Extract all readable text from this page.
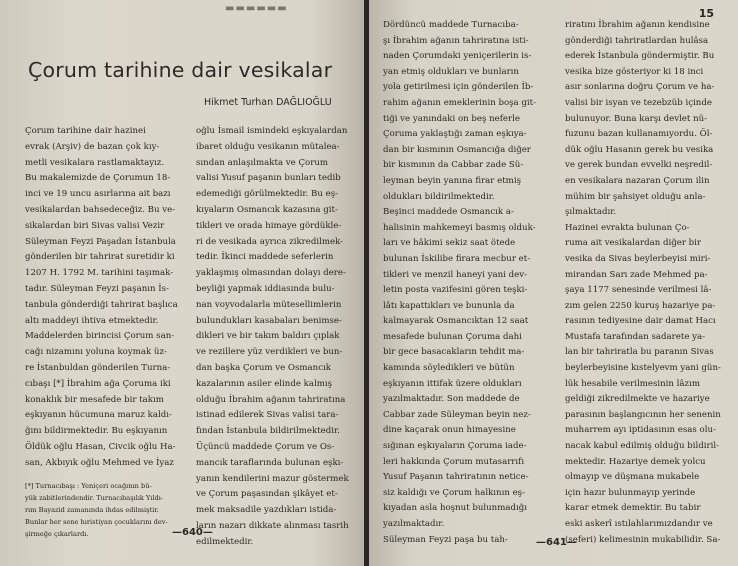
▬▬▬▬▬▬
Çorum tarihine dair vesikalar
Hikmet Turhan DAĞLIOĞLU

Çorum tarihine dair hazinei

evrak (Arşiv) de bazan çok kıy-

metli vesikalara rastlamaktayız.

Bu makalemizde de Çorumun 18-

inci ve 19 uncu asırlarına ait bazı

vesikalardan bahsedeceğiz. Bu ve-

sikalardan biri Sivas valisi Vezir

Süleyman Feyzi Paşadan İstanbula

gönderilen bir tahrirat suretidir ki

1207 H. 1792 M. tarihini taşımak-

tadır. Süleyman Feyzi paşanın İs-

tanbula gönderdiği tahrirat başlıca

altı maddeyi ihtiva etmektedir.

Maddelerden birincisi Çorum san-

cağı nizamını yoluna koymak üz-

re İstanbuldan gönderilen Turna-

cıbaşı [*] İbrahim ağa Çoruma iki

konaklık bir mesafede bir takım

eşkıyanın hücumuna maruz kaldı-

ğını bildirmektedir. Bu eşkıyanın

Öldük oğlu Hasan, Civcik oğlu Ha-

san, Akbıyık oğlu Mehmed ve İyaz

[*] Turnacıbaşı : Yeniçeri ocağının bü-

yük zabitlerindendir. Turnacıbaşılık Yıldı-

rım Bayazid zamanında ihdas edilmiştir.

Bunlar her sene hıristiyan çocuklarını dev-

şirmeğe çıkarlardı.

oğlu İsmail ismindeki eşkıyalardan

ibaret olduğu vesikanın mütalea-

sından anlaşılmakta ve Çorum

valisi Yusuf paşanın bunları tedib

edemediği görülmektedir. Bu eş-

kıyaların Osmancık kazasına git-

tikleri ve orada himaye gördükle-

ri de vesikada ayrıca zikredilmek-

tedir. İkinci maddede seferlerin

yaklaşmış olmasından dolayı dere-

beyliği yapmak iddiasında bulu-

nan voyvodalarla mütesellimlerin

bulundukları kasabaları benimse-

dikleri ve bir takım baldırı çıplak

ve rezillere yüz verdikleri ve bun-

dan başka Çorum ve Osmancık

kazalarının asiler elinde kalmış

olduğu İbrahim ağanın tahriratına

istinad edilerek Sivas valisi tara-

fından İstanbula bildirilmektedir.

Üçüncü maddede Çorum ve Os-

mancık taraflarında bulunan eşkı-

yanın kendilerini mazur göstermek

ve Çorum paşasından şikâyet et-

mek maksadile yazdıkları istida-

ların nazarı dikkate alınması tasrih

edilmektedir.

—640—
15

Dördüncü maddede Turnacıba-

şı İbrahim ağanın tahriratına isti-

naden Çorumdaki yeniçerilerin is-

yan etmiş oldukları ve bunların

yola getirilmesi için gönderilen İb-

rahim ağanın emeklerinin boşa git-

tiği ve yanındaki on beş neferle

Çoruma yaklaştığı zaman eşkıya-

dan bir kısmının Osmancığa diğer

bir kısmının da Cabbar zade Sü-

leyman beyin yanına firar etmiş

oldukları bildirilmektedir.

Beşinci maddede Osmancık a-

halisinin mahkemeyi basmış olduk-

ları ve hâkimi sekiz saat ötede

bulunan İskilibe firara mecbur et-

tikleri ve menzil haneyi yani dev-

letin posta vazifesini gören teşki-

lâtı kapattıkları ve bununla da

kalmayarak Osmancıktan 12 saat

mesafede bulunan Çoruma dahi

bir gece basacakların tehdit ma-

kamında söyledikleri ve bütün

eşkıyanın ittifak üzere oldukları

yazılmaktadır. Son maddede de

Cabbar zade Süleyman beyin nez-

dine kaçarak onun himayesine

sığınan eşkıyaların Çoruma iade-

leri hakkında Çorum mutasarrıfı

Yusuf Paşanın tahriratının netice-

siz kaldığı ve Çorum halkının eş-

kıyadan asla hoşnut bulunmadığı

yazılmaktadır.

Süleyman Feyzi paşa bu tah-

riratını İbrahim ağanın kendisine

gönderdiği tahriratlardan hulâsa

ederek İstanbula göndermiştir. Bu

vesika bize gösteriyor ki 18 inci

asır sonlarına doğru Çorum ve ha-

valisi bir isyan ve tezebzüb içinde

bulunuyor. Buna karşı devlet nü-

fuzunu bazan kullanamıyordu. Öl-

dük oğlu Hasanın gerek bu vesika

ve gerek bundan evvelki neşredil-

en vesikalara nazaran Çorum ilin

mühim bir şahsiyet olduğu anla-

şılmaktadır.

Hazinei evrakta bulunan Ço-

ruma ait vesikalardan diğer bir

vesika da Sivas beylerbeyisi miri-

mirandan Sarı zade Mehmed pa-

şaya 1177 senesinde verilmesi lâ-

zım gelen 2250 kuruş hazariye pa-

rasının tediyesine dair damat Hacı

Mustafa tarafından sadarete ya-

lan bir tahriratla bu paranın Sivas

beylerbeyisine kıstelyevm yani gün-

lük hesabile verilmesinin lâzım

geldiği zikredilmekte ve hazariye

parasının başlangıcının her senenin

muharrem ayı iptidasının esas olu-

nacak kabul edilmiş olduğu bildiril-

mektedir. Hazariye demek yolcu

olmayıp ve düşmana mukabele

için hazır bulunmayıp yerinde

karar etmek demektir. Bu tabir

eski askerî ıstılahlarımızdandır ve

(seferi) kelimesinin mukabilidir. Sa-

—641—
